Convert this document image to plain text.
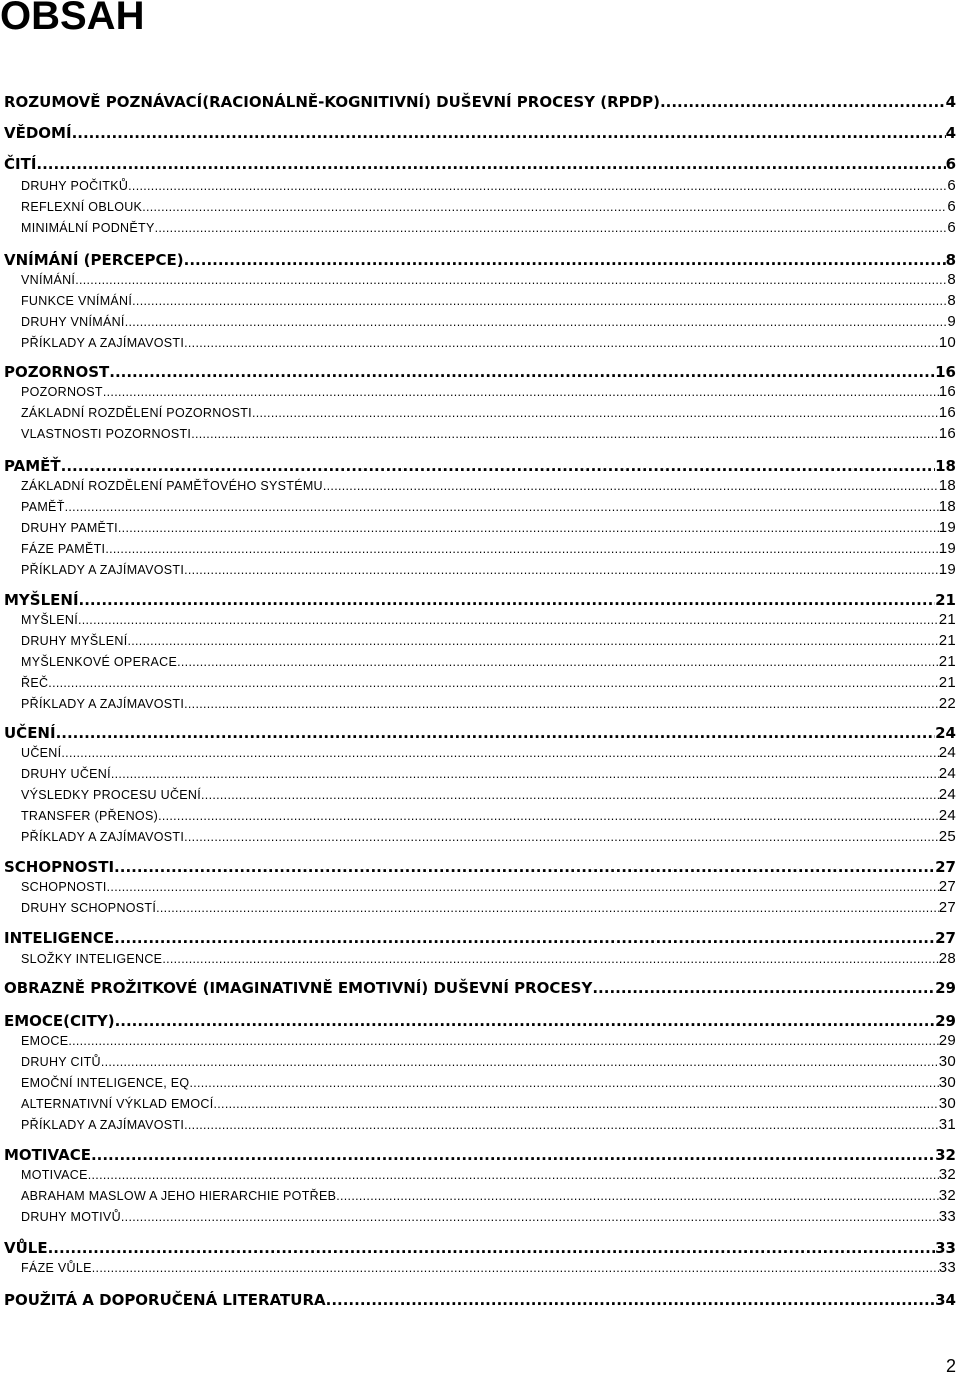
OBSAH
ROZUMOVĚ POZNÁVACÍ(RACIONÁLNĚ-KOGNITIVNÍ) DUŠEVNÍ PROCESY (RPDP) .....	4
VĚDOMÍ .....	4
ČITÍ .....	6
DRUHY POČITKŮ .....	6
REFLEXNÍ OBLOUK .....	6
MINIMÁLNÍ PODNĚTY .....	6
VNÍMÁNÍ (PERCEPCE) .....	8
VNÍMÁNÍ .....	8
FUNKCE VNÍMÁNÍ .....	8
DRUHY VNÍMÁNÍ .....	9
PŘÍKLADY A ZAJÍMAVOSTI .....	10
POZORNOST .....	16
POZORNOST .....	16
ZÁKLADNÍ ROZDĚLENÍ POZORNOSTI .....	16
VLASTNOSTI POZORNOSTI .....	16
PAMĚŤ .....	18
ZÁKLADNÍ ROZDĚLENÍ PAMĚŤOVÉHO SYSTÉMU .....	18
PAMĚŤ .....	18
DRUHY PAMĚTI .....	19
FÁZE PAMĚTI .....	19
PŘÍKLADY A ZAJÍMAVOSTI .....	19
MYŠLENÍ .....	21
MYŠLENÍ .....	21
DRUHY MYŠLENÍ .....	21
MYŠLENKOVÉ OPERACE .....	21
ŘEČ .....	21
PŘÍKLADY A ZAJÍMAVOSTI .....	22
UČENÍ .....	24
UČENÍ .....	24
DRUHY UČENÍ .....	24
VÝSLEDKY PROCESU UČENÍ .....	24
TRANSFER (PŘENOS) .....	24
PŘÍKLADY A ZAJÍMAVOSTI .....	25
SCHOPNOSTI .....	27
SCHOPNOSTI .....	27
DRUHY SCHOPNOSTÍ .....	27
INTELIGENCE .....	27
SLOŽKY INTELIGENCE .....	28
OBRAZNĚ PROŽITKOVÉ (IMAGINATIVNĚ EMOTIVNÍ) DUŠEVNÍ PROCESY .....	29
EMOCE(CITY) .....	29
EMOCE .....	29
DRUHY CITŮ .....	30
EMOČNÍ INTELIGENCE, EQ .....	30
ALTERNATIVNÍ VÝKLAD EMOCÍ .....	30
PŘÍKLADY A ZAJÍMAVOSTI .....	31
MOTIVACE .....	32
MOTIVACE .....	32
ABRAHAM MASLOW A JEHO HIERARCHIE POTŘEB .....	32
DRUHY MOTIVŮ .....	33
VŮLE .....	33
FÁZE VŮLE .....	33
POUŽITÁ A DOPORUČENÁ LITERATURA .....	34
2
